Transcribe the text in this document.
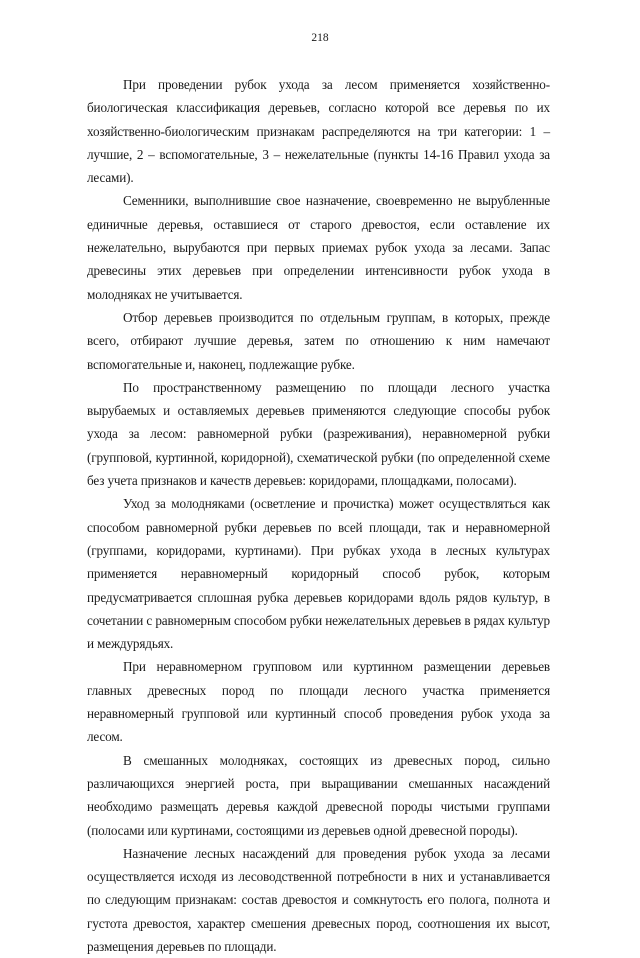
218

При проведении рубок ухода за лесом применяется хозяйственно-биологическая классификация деревьев, согласно которой все деревья по их хозяйственно-биологическим признакам распределяются на три категории: 1 – лучшие, 2 – вспомогательные, 3 – нежелательные (пункты 14-16 Правил ухода за лесами).

Семенники, выполнившие свое назначение, своевременно не вырубленные единичные деревья, оставшиеся от старого древостоя, если оставление их нежелательно, вырубаются при первых приемах рубок ухода за лесами. Запас древесины этих деревьев при определении интенсивности рубок ухода в молодняках не учитывается.

Отбор деревьев производится по отдельным группам, в которых, прежде всего, отбирают лучшие деревья, затем по отношению к ним намечают вспомогательные и, наконец, подлежащие рубке.

По пространственному размещению по площади лесного участка вырубаемых и оставляемых деревьев применяются следующие способы рубок ухода за лесом: равномерной рубки (разреживания), неравномерной рубки (групповой, куртинной, коридорной), схематической рубки (по определенной схеме без учета признаков и качеств деревьев: коридорами, площадками, полосами).

Уход за молодняками (осветление и прочистка) может осуществляться как способом равномерной рубки деревьев по всей площади, так и неравномерной (группами, коридорами, куртинами). При рубках ухода в лесных культурах применяется неравномерный коридорный способ рубок, которым предусматривается сплошная рубка деревьев коридорами вдоль рядов культур, в сочетании с равномерным способом рубки нежелательных деревьев в рядах культур и междурядьях.

При неравномерном групповом или куртинном размещении деревьев главных древесных пород по площади лесного участка применяется неравномерный групповой или куртинный способ проведения рубок ухода за лесом.

В смешанных молодняках, состоящих из древесных пород, сильно различающихся энергией роста, при выращивании смешанных насаждений необходимо размещать деревья каждой древесной породы чистыми группами (полосами или куртинами, состоящими из деревьев одной древесной породы).

Назначение лесных насаждений для проведения рубок ухода за лесами осуществляется исходя из лесоводственной потребности в них и устанавливается по следующим признакам: состав древостоя и сомкнутость его полога, полнота и густота древостоя, характер смешения древесных пород, соотношения их высот, размещения деревьев по площади.
